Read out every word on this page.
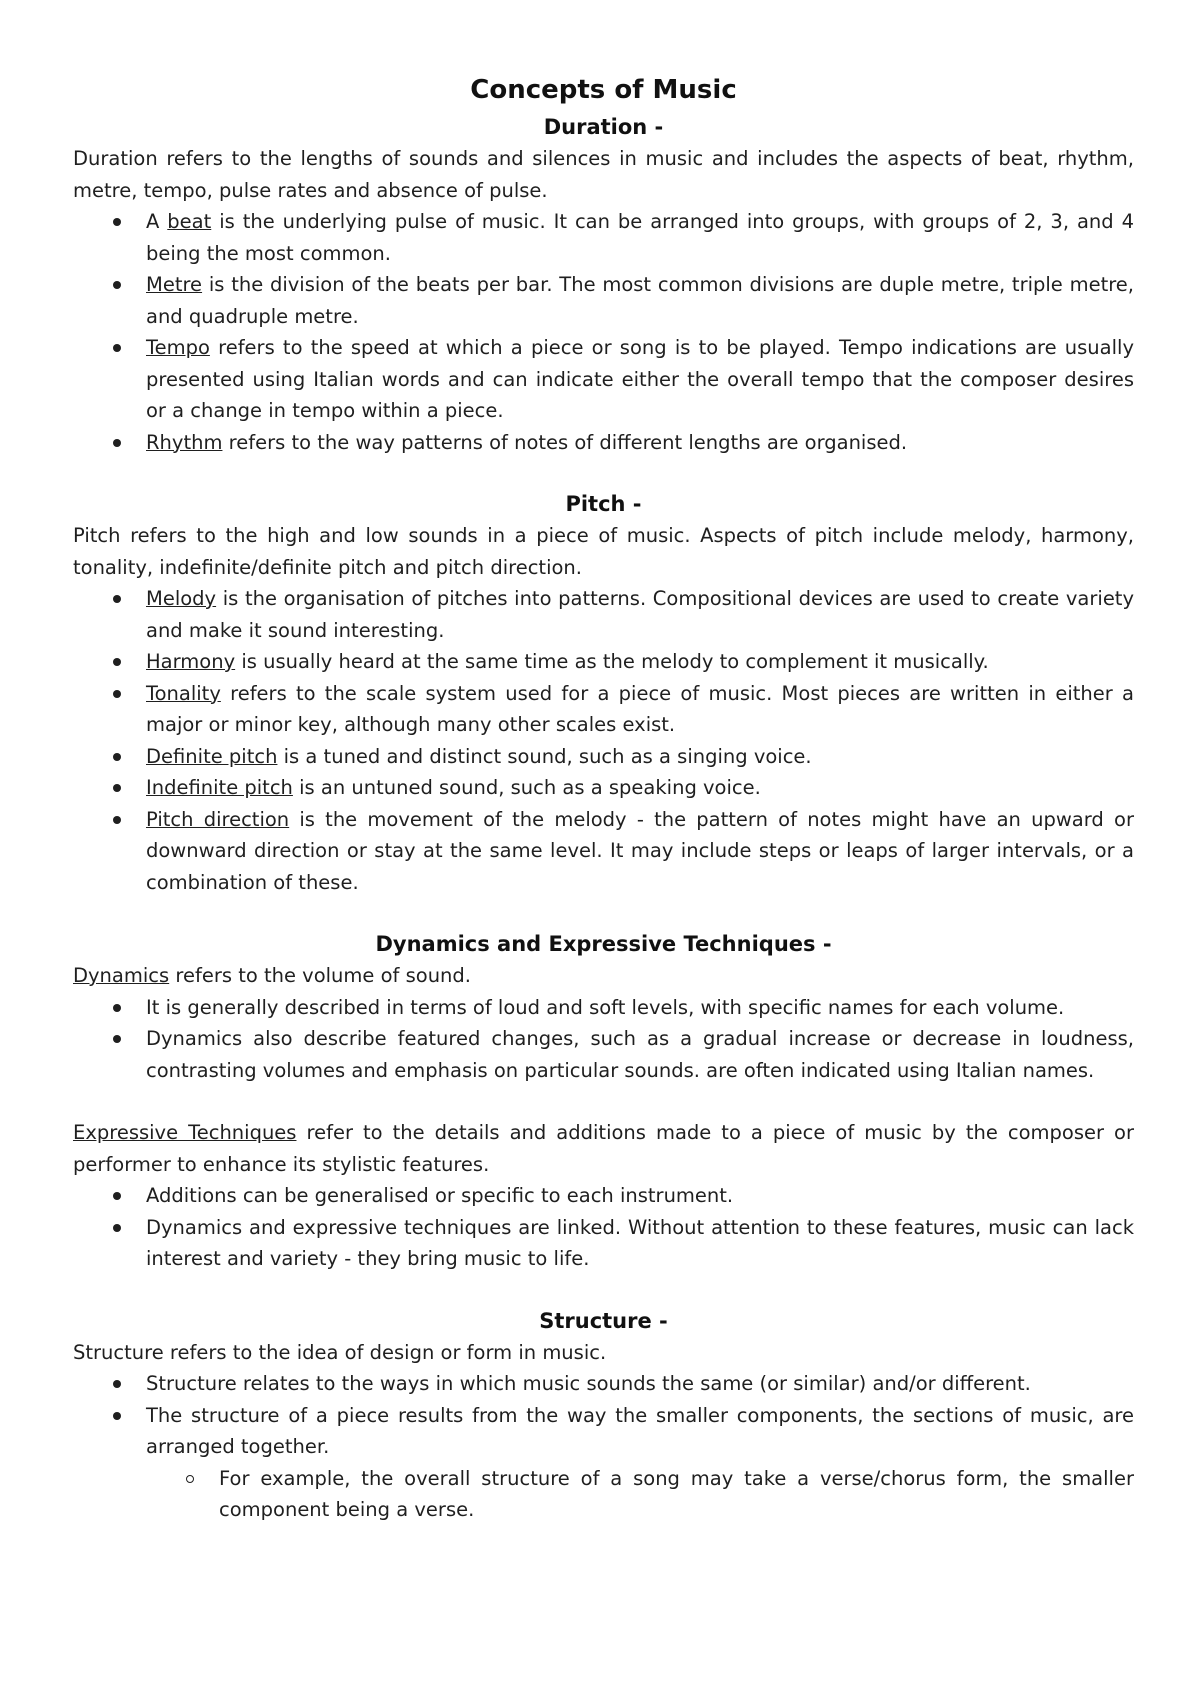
Concepts of Music
Duration -

Duration refers to the lengths of sounds and silences in music and includes the aspects of beat, rhythm, metre, tempo, pulse rates and absence of pulse.

A beat is the underlying pulse of music. It can be arranged into groups, with groups of 2, 3, and 4 being the most common.
Metre is the division of the beats per bar. The most common divisions are duple metre, triple metre, and quadruple metre.
Tempo refers to the speed at which a piece or song is to be played. Tempo indications are usually presented using Italian words and can indicate either the overall tempo that the composer desires or a change in tempo within a piece.
Rhythm refers to the way patterns of notes of different lengths are organised.
Pitch -

Pitch refers to the high and low sounds in a piece of music. Aspects of pitch include melody, harmony, tonality, indefinite/definite pitch and pitch direction.

Melody is the organisation of pitches into patterns. Compositional devices are used to create variety and make it sound interesting.
Harmony is usually heard at the same time as the melody to complement it musically.
Tonality refers to the scale system used for a piece of music. Most pieces are written in either a major or minor key, although many other scales exist.
Definite pitch is a tuned and distinct sound, such as a singing voice.
Indefinite pitch is an untuned sound, such as a speaking voice.
Pitch direction is the movement of the melody - the pattern of notes might have an upward or downward direction or stay at the same level. It may include steps or leaps of larger intervals, or a combination of these.
Dynamics and Expressive Techniques -

Dynamics refers to the volume of sound.

It is generally described in terms of loud and soft levels, with specific names for each volume.
Dynamics also describe featured changes, such as a gradual increase or decrease in loudness, contrasting volumes and emphasis on particular sounds. are often indicated using Italian names.

Expressive Techniques refer to the details and additions made to a piece of music by the composer or performer to enhance its stylistic features.

Additions can be generalised or specific to each instrument.
Dynamics and expressive techniques are linked. Without attention to these features, music can lack interest and variety - they bring music to life.
Structure -

Structure refers to the idea of design or form in music.

Structure relates to the ways in which music sounds the same (or similar) and/or different.
The structure of a piece results from the way the smaller components, the sections of music, are arranged together.
For example, the overall structure of a song may take a verse/chorus form, the smaller component being a verse.
